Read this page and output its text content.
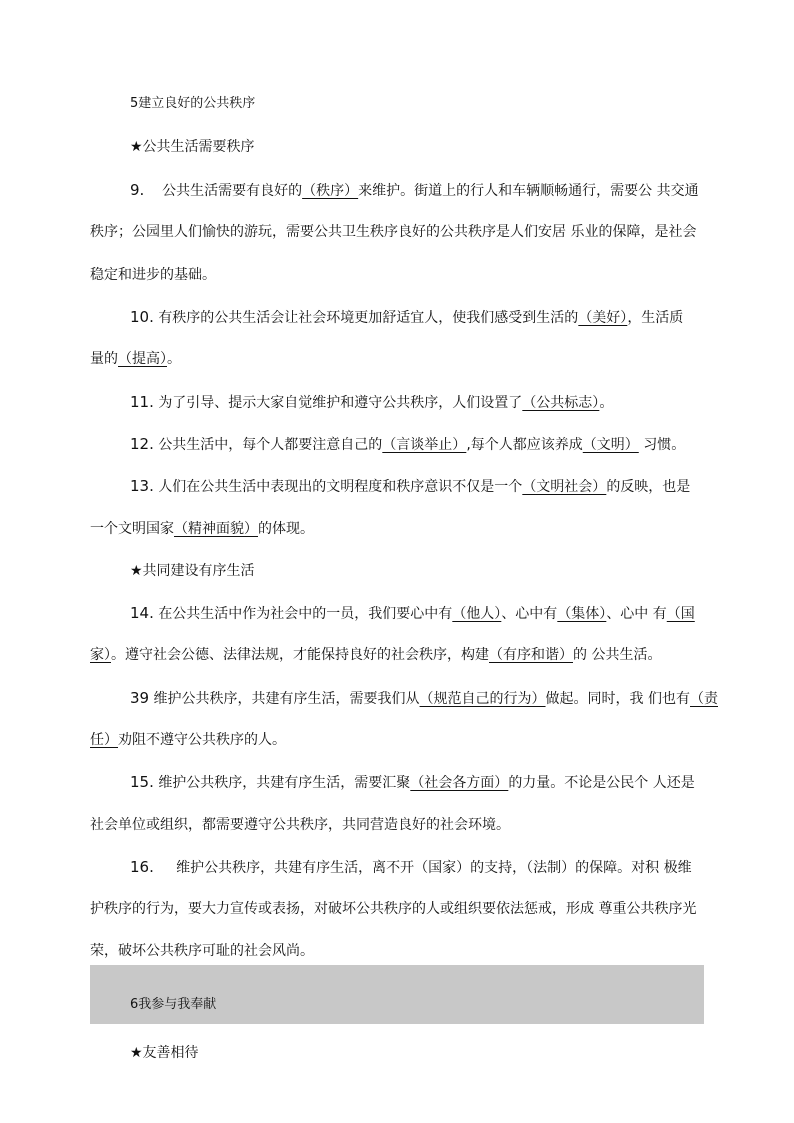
5建立良好的公共秩序
★公共生活需要秩序
9. 公共生活需要有良好的（秩序）来维护。街道上的行人和车辆顺畅通行，需要公 共交通
秩序；公园里人们愉快的游玩，需要公共卫生秩序良好的公共秩序是人们安居 乐业的保障，是社会
稳定和进步的基础。
10. 有秩序的公共生活会让社会环境更加舒适宜人，使我们感受到生活的（美好），生活质
量的（提高）。
11. 为了引导、提示大家自觉维护和遵守公共秩序，人们设置了（公共标志）。
12. 公共生活中，每个人都要注意自己的（言谈举止）,每个人都应该养成（文明） 习惯。
13. 人们在公共生活中表现出的文明程度和秩序意识不仅是一个（文明社会）的反映，也是
一个文明国家（精神面貌）的体现。
★共同建设有序生活
14. 在公共生活中作为社会中的一员，我们要心中有（他人）、心中有（集体）、心中 有（国
家）。遵守社会公德、法律法规，才能保持良好的社会秩序，构建（有序和谐）的 公共生活。
39 维护公共秩序，共建有序生活，需要我们从（规范自己的行为）做起。同时，我 们也有（责
任）劝阻不遵守公共秩序的人。
15. 维护公共秩序，共建有序生活，需要汇聚（社会各方面）的力量。不论是公民个 人还是
社会单位或组织，都需要遵守公共秩序，共同营造良好的社会环境。
16. 维护公共秩序，共建有序生活，离不开（国家）的支持，（法制）的保障。对积 极维
护秩序的行为，要大力宣传或表扬，对破坏公共秩序的人或组织要依法惩戒，形成 尊重公共秩序光
荣，破坏公共秩序可耻的社会风尚。
6我参与我奉献
★友善相待
